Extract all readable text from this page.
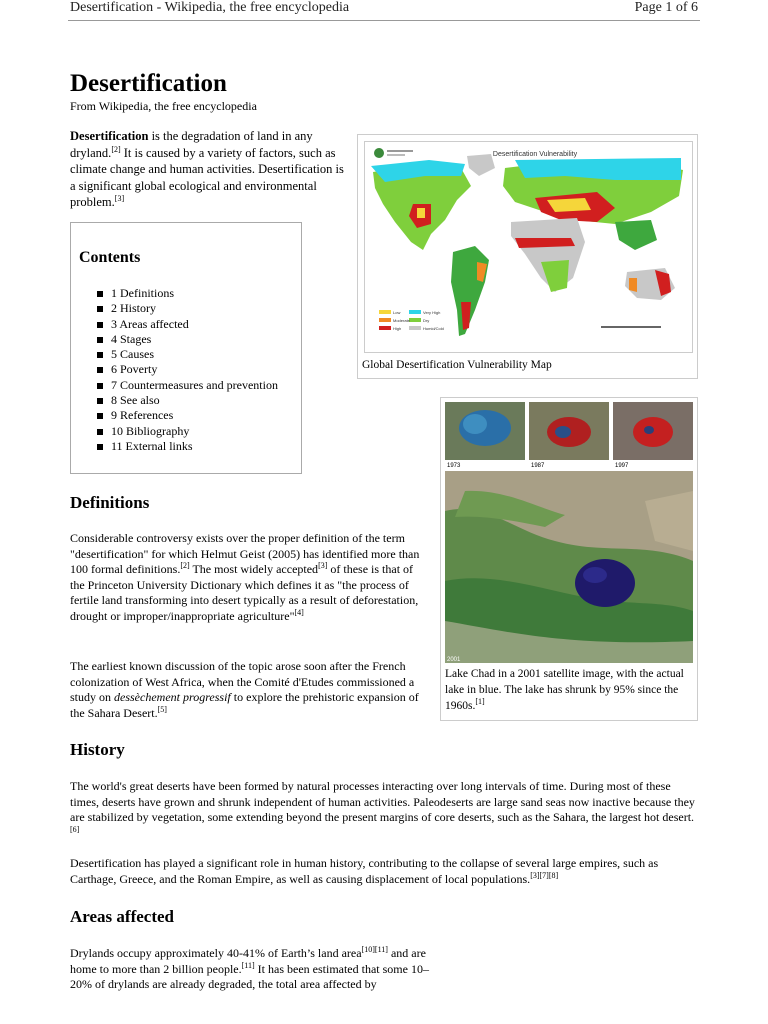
Desertification - Wikipedia, the free encyclopedia	Page 1 of 6
Desertification
From Wikipedia, the free encyclopedia

Desertification is the degradation of land in any dryland.[2] It is caused by a variety of factors, such as climate change and human activities. Desertification is a significant global ecological and environmental problem.[3]

Contents
1 Definitions
2 History
3 Areas affected
4 Stages
5 Causes
6 Poverty
7 Countermeasures and prevention
8 See also
9 References
10 Bibliography
11 External links
Desertification Vulnerability
Low
Moderate
High
Very High
Dry
Humid/Cold
Global Desertification Vulnerability Map
1973	1987	1997
2001
Lake Chad in a 2001 satellite image, with the actual lake in blue. The lake has shrunk by 95% since the 1960s.[1]
Definitions

Considerable controversy exists over the proper definition of the term "desertification" for which Helmut Geist (2005) has identified more than 100 formal definitions.[2] The most widely accepted[3] of these is that of the Princeton University Dictionary which defines it as "the process of fertile land transforming into desert typically as a result of deforestation, drought or improper/inappropriate agriculture"[4]

The earliest known discussion of the topic arose soon after the French colonization of West Africa, when the Comité d'Etudes commissioned a study on dessèchement progressif to explore the prehistoric expansion of the Sahara Desert.[5]

History

The world's great deserts have been formed by natural processes interacting over long intervals of time. During most of these times, deserts have grown and shrunk independent of human activities. Paleodeserts are large sand seas now inactive because they are stabilized by vegetation, some extending beyond the present margins of core deserts, such as the Sahara, the largest hot desert.[6]

Desertification has played a significant role in human history, contributing to the collapse of several large empires, such as Carthage, Greece, and the Roman Empire, as well as causing displacement of local populations.[3][7][8]

Areas affected

Drylands occupy approximately 40-41% of Earth’s land area[10][11] and are home to more than 2 billion people.[11] It has been estimated that some 10–20% of drylands are already degraded, the total area affected by
